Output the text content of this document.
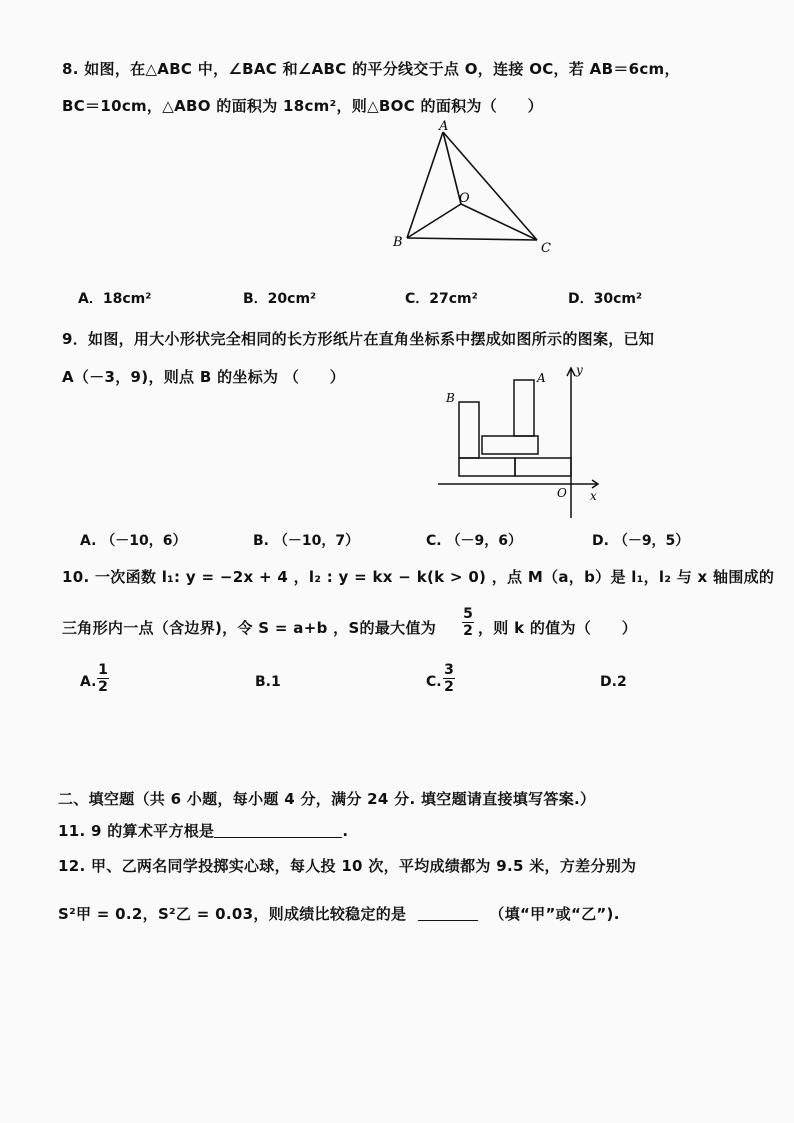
8. 如图，在△ABC 中，∠BAC 和∠ABC 的平分线交于点 O，连接 OC，若 AB＝6cm，
BC＝10cm，△ABO 的面积为 18cm²，则△BOC 的面积为（　　）
A
B	C
O
A．18cm²	B．20cm²	C．27cm²	D．30cm²
9．如图，用大小形状完全相同的长方形纸片在直角坐标系中摆成如图所示的图案，已知
A（－3，9)，则点 B 的坐标为 （　　）
B
A
O x
y
A. （－10，6）	B. （－10，7）	C. （－9，6）	D. （－9，5）
10. 一次函数 l₁: y = −2x + 4 ，l₂ : y = kx − k(k > 0) ，点 M（a，b）是 l₁，l₂ 与 x 轴围成的
三角形内一点（含边界)，令 S = a+b ，S的最大值为
5
2 ，则 k 的值为（　　）
A.
1
2	B.1	C.
3
2	D.2
二、填空题（共 6 小题，每小题 4 分，满分 24 分. 填空题请直接填写答案.）
11. 9 的算术平方根是	.
12. 甲、乙两名同学投掷实心球，每人投 10 次，平均成绩都为 9.5 米，方差分别为
S²甲 = 0.2，S²乙 = 0.03，则成绩比较稳定的是	（填“甲”或“乙”).
